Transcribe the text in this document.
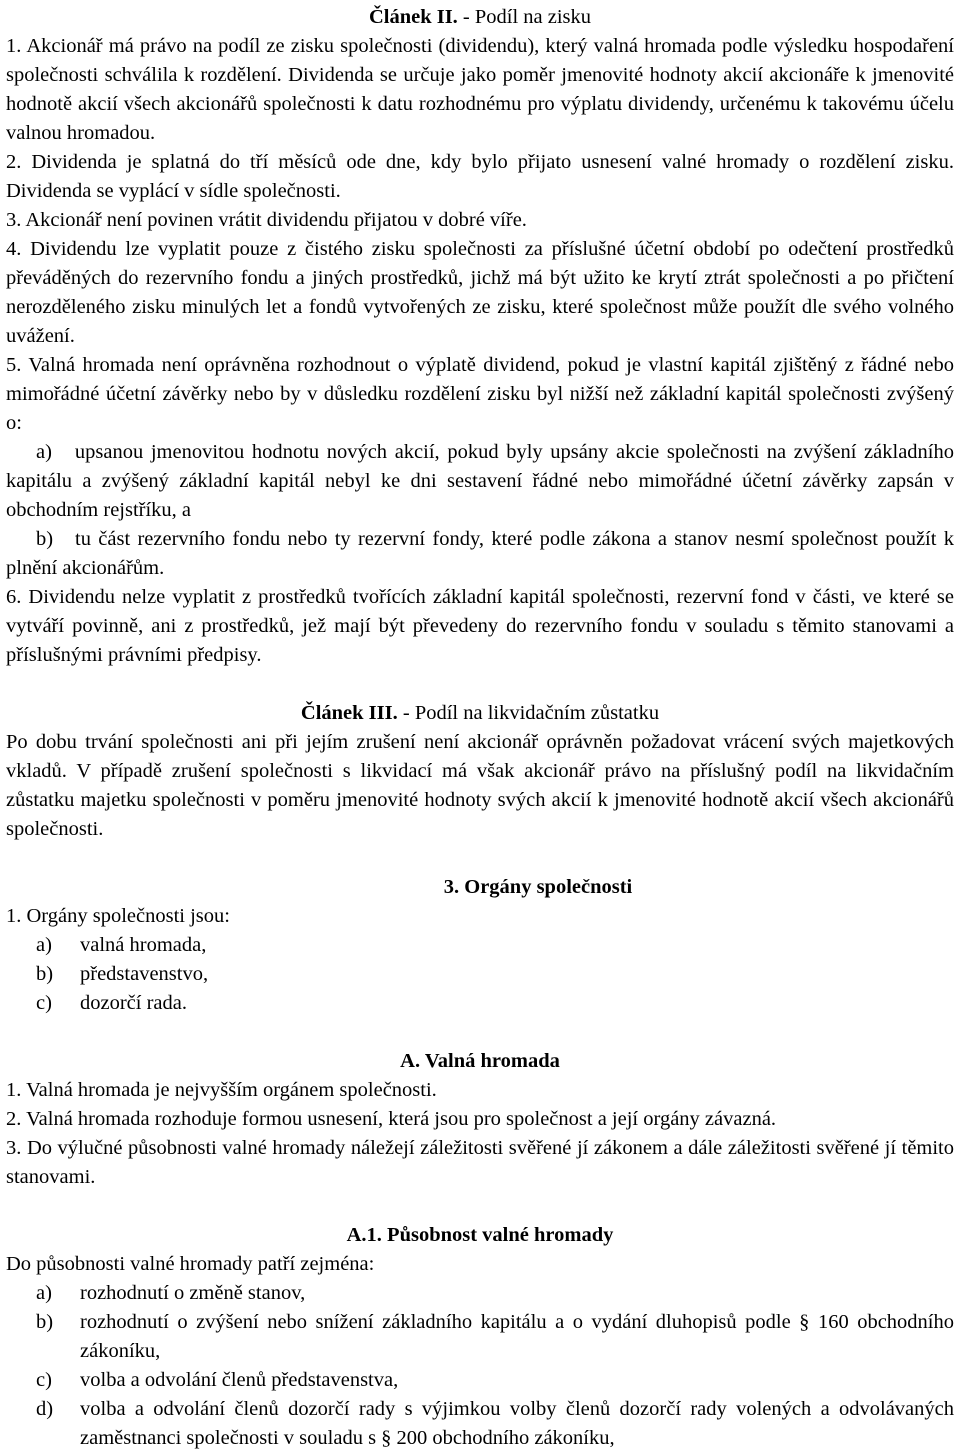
Článek II. - Podíl na zisku

1. Akcionář má právo na podíl ze zisku společnosti (dividendu), který valná hromada podle výsledku hospodaření společnosti schválila k rozdělení. Dividenda se určuje jako poměr jmenovité hodnoty akcií akcionáře k jmenovité hodnotě akcií všech akcionářů společnosti k datu rozhodnému pro výplatu dividendy, určenému k takovému účelu valnou hromadou.

2. Dividenda je splatná do tří měsíců ode dne, kdy bylo přijato usnesení valné hromady o rozdělení zisku. Dividenda se vyplácí v sídle společnosti.

3. Akcionář není povinen vrátit dividendu přijatou v dobré víře.

4. Dividendu lze vyplatit pouze z čistého zisku společnosti za příslušné účetní období po odečtení prostředků převáděných do rezervního fondu a jiných prostředků, jichž má být užito ke krytí ztrát společnosti a po přičtení nerozděleného zisku minulých let a fondů vytvořených ze zisku, které společnost může použít dle svého volného uvážení.

5. Valná hromada není oprávněna rozhodnout o výplatě dividend, pokud je vlastní kapitál zjištěný z řádné nebo mimořádné účetní závěrky nebo by v důsledku rozdělení zisku byl nižší než základní kapitál společnosti zvýšený o:

a) upsanou jmenovitou hodnotu nových akcií, pokud byly upsány akcie společnosti na zvýšení základního kapitálu a zvýšený základní kapitál nebyl ke dni sestavení řádné nebo mimořádné účetní závěrky zapsán v obchodním rejstříku, a

b) tu část rezervního fondu nebo ty rezervní fondy, které podle zákona a stanov nesmí společnost použít k plnění akcionářům.

6. Dividendu nelze vyplatit z prostředků tvořících základní kapitál společnosti, rezervní fond v části, ve které se vytváří povinně, ani z prostředků, jež mají být převedeny do rezervního fondu v souladu s těmito stanovami a příslušnými právními předpisy.

Článek III. - Podíl na likvidačním zůstatku

Po dobu trvání společnosti ani při jejím zrušení není akcionář oprávněn požadovat vrácení svých majetkových vkladů. V případě zrušení společnosti s likvidací má však akcionář právo na příslušný podíl na likvidačním zůstatku majetku společnosti v poměru jmenovité hodnoty svých akcií k jmenovité hodnotě akcií všech akcionářů společnosti.

3. Orgány společnosti

1. Orgány společnosti jsou:

a)	valná hromada,
b)	představenstvo,
c)	dozorčí rada.

A. Valná hromada

1. Valná hromada je nejvyšším orgánem společnosti.

2. Valná hromada rozhoduje formou usnesení, která jsou pro společnost a její orgány závazná.

3. Do výlučné působnosti valné hromady náležejí záležitosti svěřené jí zákonem a dále záležitosti svěřené jí těmito stanovami.

A.1. Působnost valné hromady

Do působnosti valné hromady patří zejména:

a)	rozhodnutí o změně stanov,
b)	rozhodnutí o zvýšení nebo snížení základního kapitálu a o vydání dluhopisů podle § 160 obchodního zákoníku,
c)	volba a odvolání členů představenstva,
d)	volba a odvolání členů dozorčí rady s výjimkou volby členů dozorčí rady volených a odvolávaných zaměstnanci společnosti v souladu s § 200 obchodního zákoníku,
